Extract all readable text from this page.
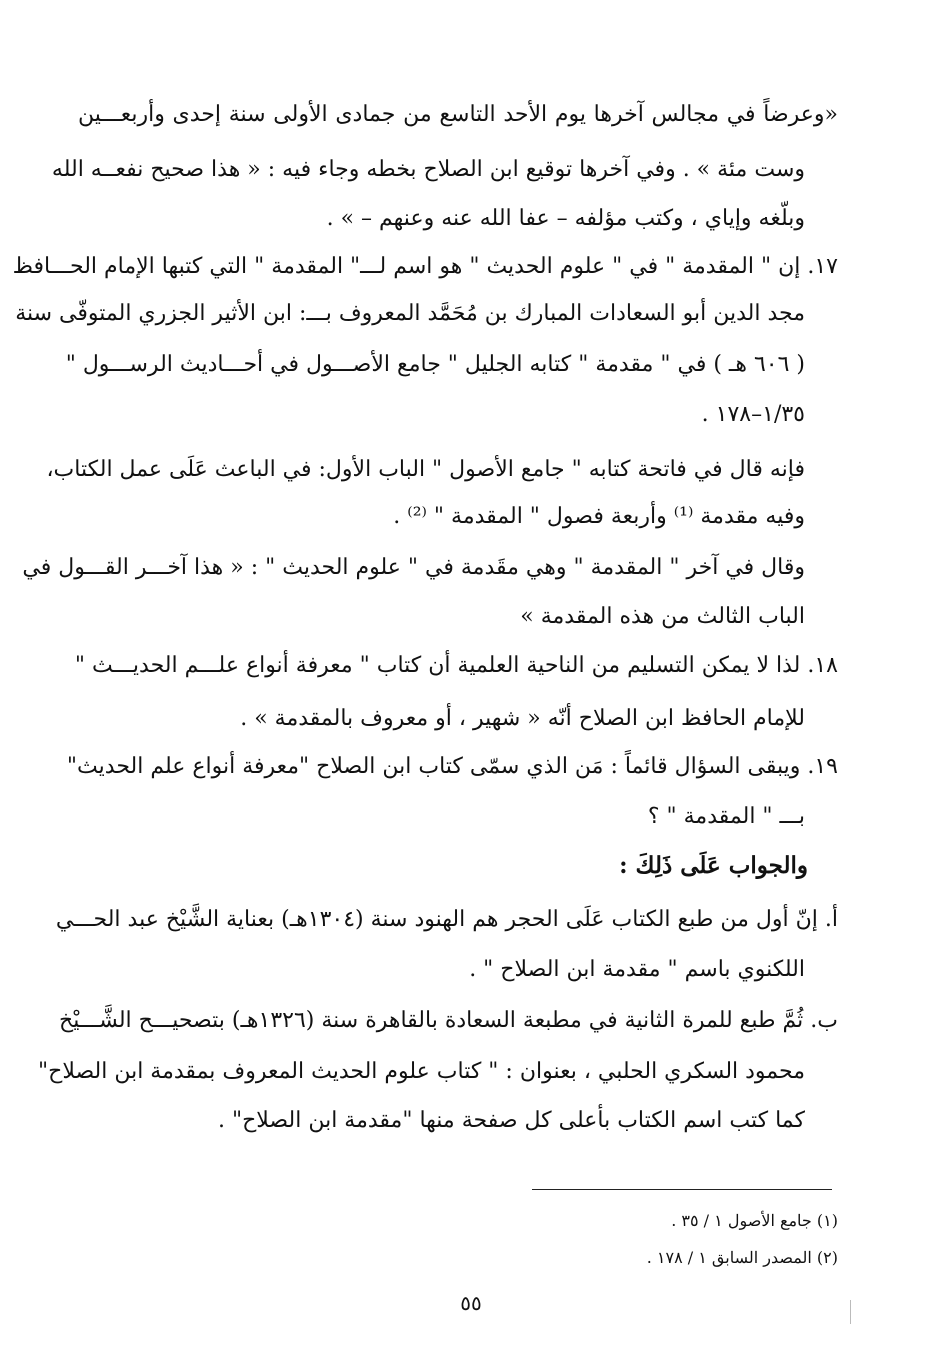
«وعرضاً في مجالس آخرها يوم الأحد التاسع من جمادى الأولى سنة إحدى وأربعـــين
وست مئة » . وفي آخرها توقيع ابن الصلاح بخطه وجاء فيه : « هذا صحيح نفعــه الله
وبلّغه وإياي ، وكتب مؤلفه – عفا الله عنه وعنهم – » .
١٧. إن " المقدمة " في " علوم الحديث " هو اسم لـــ" المقدمة " التي كتبها الإمام الحـــافظ
مجد الدين أبو السعادات المبارك بن مُحَمَّد المعروف بـــ: ابن الأثير الجزري المتوفّى سنة
( ٦٠٦ هـ ) في " مقدمة " كتابه الجليل " جامع الأصـــول في أحـــاديث الرســـول "
١/٣٥–١٧٨ .
فإنه قال في فاتحة كتابه " جامع الأصول " الباب الأول: في الباعث عَلَى عمل الكتاب،
وفيه مقدمة ⁽¹⁾ وأربعة فصول " المقدمة " ⁽²⁾ .
وقال في آخر " المقدمة " وهي مقَدمة في " علوم الحديث " : « هذا آخـــر القـــول في
الباب الثالث من هذه المقدمة »
١٨. لذا لا يمكن التسليم من الناحية العلمية أن كتاب " معرفة أنواع علـــم الحديـــث "
للإمام الحافظ ابن الصلاح أنّه « شهير ، أو معروف بالمقدمة » .
١٩. ويبقى السؤال قائماً : مَن الذي سمّى كتاب ابن الصلاح "معرفة أنواع علم الحديث"
بـــ " المقدمة " ؟
والجواب عَلَى ذَلِكَ :
أ. إنّ أول من طبع الكتاب عَلَى الحجر هم الهنود سنة (١٣٠٤هـ) بعناية الشَّيْخ عبد الحـــي
اللكنوي باسم " مقدمة ابن الصلاح " .
ب. ثُمَّ طبع للمرة الثانية في مطبعة السعادة بالقاهرة سنة (١٣٢٦هـ) بتصحيـــح الشَّـــيْخ
محمود السكري الحلبي ، بعنوان : " كتاب علوم الحديث المعروف بمقدمة ابن الصلاح"
كما كتب اسم الكتاب بأعلى كل صفحة منها "مقدمة ابن الصلاح" .
(١) جامع الأصول ١ / ٣٥ .
(٢) المصدر السابق ١ / ١٧٨ .
٥٥
